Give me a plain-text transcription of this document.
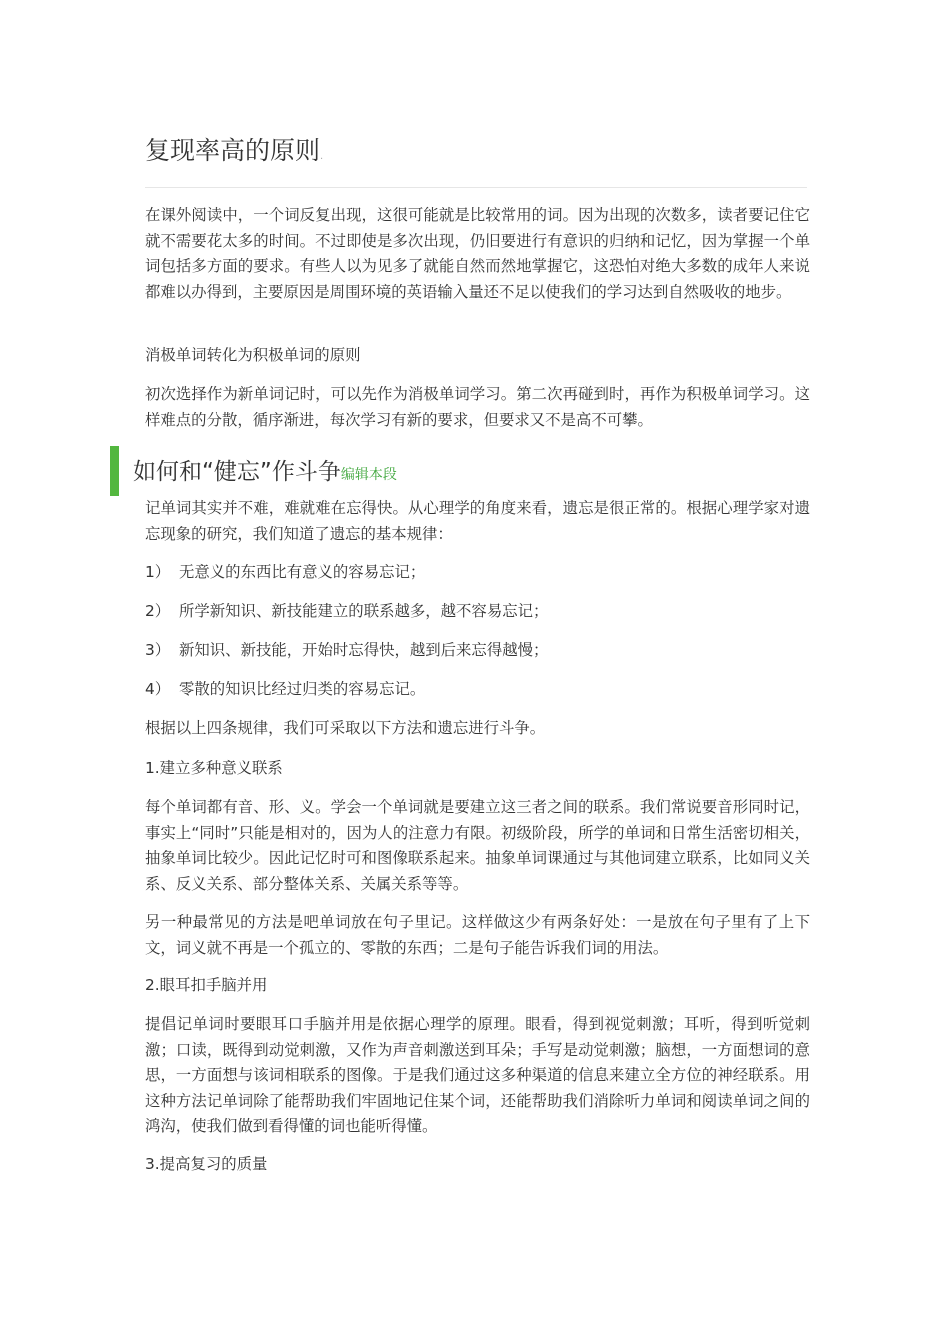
复现率高的原则.

在课外阅读中，一个词反复出现，这很可能就是比较常用的词。因为出现的次数多，读者要记住它就不需要花太多的时间。不过即使是多次出现，仍旧要进行有意识的归纳和记忆，因为掌握一个单词包括多方面的要求。有些人以为见多了就能自然而然地掌握它，这恐怕对绝大多数的成年人来说都难以办得到，主要原因是周围环境的英语输入量还不足以使我们的学习达到自然吸收的地步。

消极单词转化为积极单词的原则

初次选择作为新单词记时，可以先作为消极单词学习。第二次再碰到时，再作为积极单词学习。这样难点的分散，循序渐进，每次学习有新的要求，但要求又不是高不可攀。

如何和“健忘”作斗争编辑本段

记单词其实并不难，难就难在忘得快。从心理学的角度来看，遗忘是很正常的。根据心理学家对遗忘现象的研究，我们知道了遗忘的基本规律：

1） 无意义的东西比有意义的容易忘记；
2） 所学新知识、新技能建立的联系越多，越不容易忘记；
3） 新知识、新技能，开始时忘得快，越到后来忘得越慢；
4） 零散的知识比经过归类的容易忘记。
根据以上四条规律，我们可采取以下方法和遗忘进行斗争。
1.建立多种意义联系

每个单词都有音、形、义。学会一个单词就是要建立这三者之间的联系。我们常说要音形同时记，事实上“同时”只能是相对的，因为人的注意力有限。初级阶段，所学的单词和日常生活密切相关，抽象单词比较少。因此记忆时可和图像联系起来。抽象单词课通过与其他词建立联系，比如同义关系、反义关系、部分整体关系、关属关系等等。

另一种最常见的方法是吧单词放在句子里记。这样做这少有两条好处：一是放在句子里有了上下文，词义就不再是一个孤立的、零散的东西；二是句子能告诉我们词的用法。

2.眼耳扣手脑并用

提倡记单词时要眼耳口手脑并用是依据心理学的原理。眼看，得到视觉刺激；耳听，得到听觉刺激；口读，既得到动觉刺激，又作为声音刺激送到耳朵；手写是动觉刺激；脑想，一方面想词的意思，一方面想与该词相联系的图像。于是我们通过这多种渠道的信息来建立全方位的神经联系。用这种方法记单词除了能帮助我们牢固地记住某个词，还能帮助我们消除听力单词和阅读单词之间的鸿沟，使我们做到看得懂的词也能听得懂。

3.提高复习的质量
